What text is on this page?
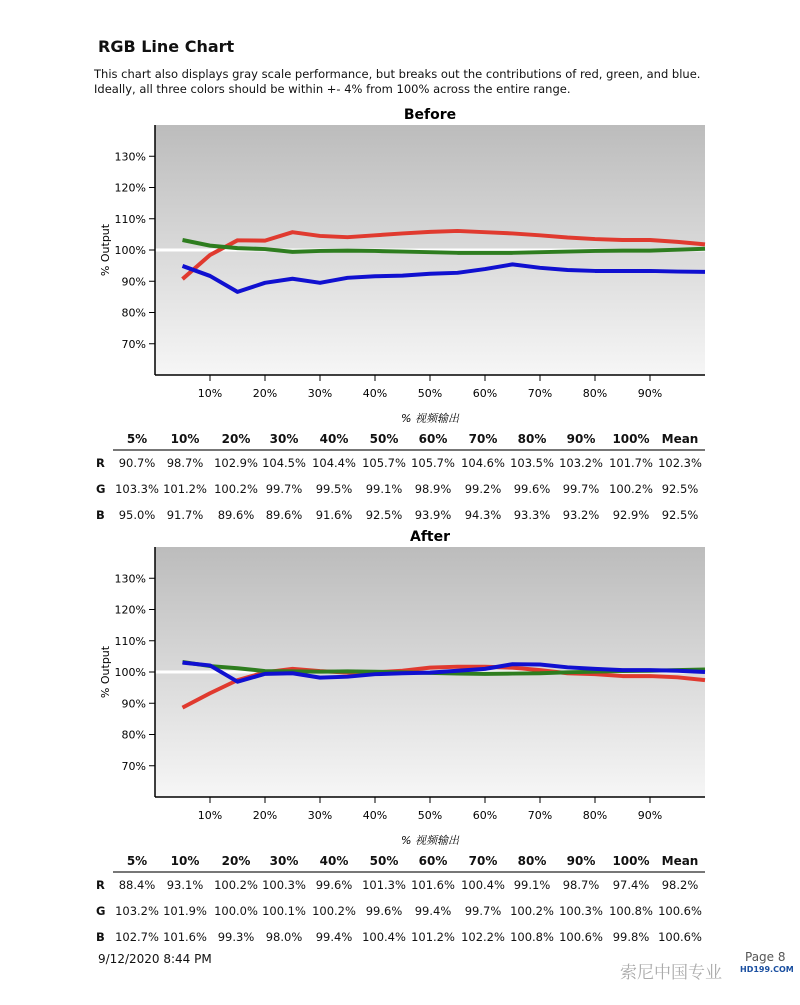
RGB Line Chart
This chart also displays gray scale performance, but breaks out the contributions of red, green, and blue.
Ideally, all three colors should be within +- 4% from 100% across the entire range.
Before
130%
120%
110%
100%
90%
80%
70%
10%	20%	30%	40%	50%	60%	70%	80%	90%
% 视频输出
% Output
After
130%
120%
110%
100%
90%
80%
70%
10%	20%	30%	40%	50%	60%	70%	80%	90%
% 视频输出
% Output
5% 10% 20% 30% 40% 50% 60% 70% 80% 90% 100% Mean
R 90.7% 98.7% 102.9% 104.5% 104.4% 105.7% 105.7% 104.6% 103.5% 103.2% 101.7% 102.3%
G 103.3% 101.2% 100.2% 99.7% 99.5% 99.1% 98.9% 99.2% 99.6% 99.7% 100.2% 92.5%
B 95.0% 91.7% 89.6% 89.6% 91.6% 92.5% 93.9% 94.3% 93.3% 93.2% 92.9% 92.5%
5% 10% 20% 30% 40% 50% 60% 70% 80% 90% 100% Mean
R 88.4% 93.1% 100.2% 100.3% 99.6% 101.3% 101.6% 100.4% 99.1% 98.7% 97.4% 98.2%
G 103.2% 101.9% 100.0% 100.1% 100.2% 99.6% 99.4% 99.7% 100.2% 100.3% 100.8% 100.6%
B 102.7% 101.6% 99.3% 98.0% 99.4% 100.4% 101.2% 102.2% 100.8% 100.6% 99.8% 100.6%
9/12/2020 8:44 PM	Page 8
索尼中国专业 HD199.COM
